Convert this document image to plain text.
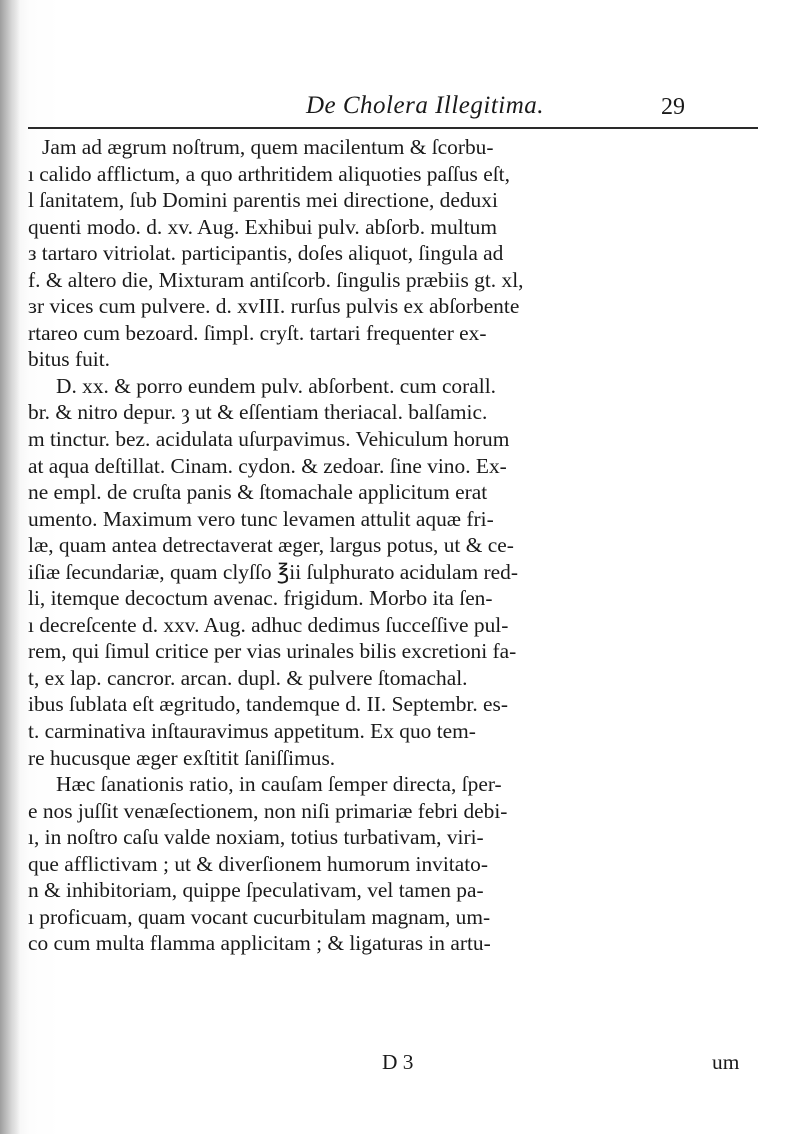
De Cholera Illegitima.	29
Jam ad ægrum noſtrum, quem macilentum & ſcorbu-
ı calido afflictum, a quo arthritidem aliquoties paſſus eſt,
l ſanitatem, ſub Domini parentis mei directione, deduxi
quenti modo. d. xv. Aug. Exhibui pulv. abſorb. multum
ᴈ tartaro vitriolat. participantis, doſes aliquot, ſingula ad
f. & altero die, Mixturam antiſcorb. ſingulis præbiis gt. xl,
ɜr vices cum pulvere. d. xvIII. rurſus pulvis ex abſorbente
rtareo cum bezoard. ſimpl. cryſt. tartari frequenter ex-
bitus fuit.
D. xx. & porro eundem pulv. abſorbent. cum corall.
br. & nitro depur. ȝ ut & eſſentiam theriacal. balſamic.
m tinctur. bez. acidulata uſurpavimus. Vehiculum horum
at aqua deſtillat. Cinam. cydon. & zedoar. ſine vino. Ex-
ne empl. de cruſta panis & ſtomachale applicitum erat
umento. Maximum vero tunc levamen attulit aquæ fri-
læ, quam antea detrectaverat æger, largus potus, ut & ce-
iſiæ ſecundariæ, quam clyſſo ℥ii ſulphurato acidulam red-
li, itemque decoctum avenac. frigidum. Morbo ita ſen-
ı decreſcente d. xxv. Aug. adhuc dedimus ſucceſſive pul-
rem, qui ſimul critice per vias urinales bilis excretioni fa-
t, ex lap. cancror. arcan. dupl. & pulvere ſtomachal.
ibus ſublata eſt ægritudo, tandemque d. II. Septembr. es-
t. carminativa inſtauravimus appetitum. Ex quo tem-
re hucusque æger exſtitit ſaniſſimus.
Hæc ſanationis ratio, in cauſam ſemper directa, ſper-
e nos juſſit venæſectionem, non niſi primariæ febri debi-
ı, in noſtro caſu valde noxiam, totius turbativam, viri-
que afflictivam ; ut & diverſionem humorum invitato-
n & inhibitoriam, quippe ſpeculativam, vel tamen pa-
ı proficuam, quam vocant cucurbitulam magnam, um-
co cum multa flamma applicitam ; & ligaturas in artu-
D 3	um
